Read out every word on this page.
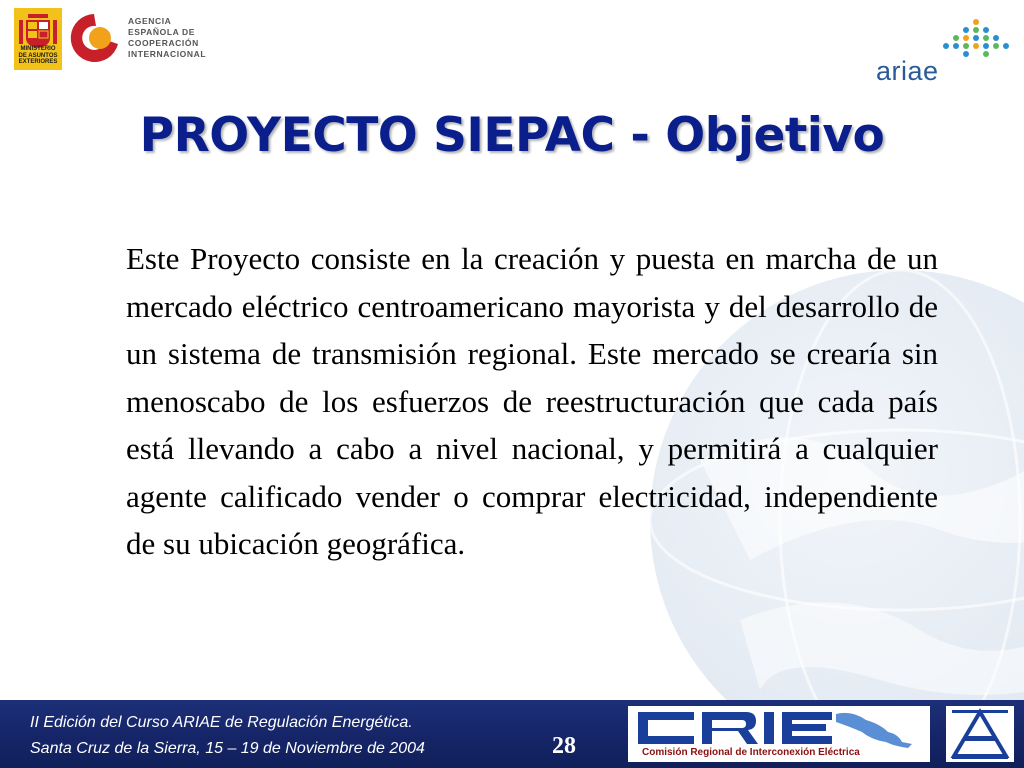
MINISTERIO
DE ASUNTOS
EXTERIORES
AGENCIA
ESPAÑOLA DE
COOPERACIÓN
INTERNACIONAL
ariae
PROYECTO SIEPAC - Objetivo

Este Proyecto consiste en la creación y puesta en marcha de un mercado eléctrico centroamericano mayorista y del desarrollo de un sistema de transmisión regional. Este mercado se crearía sin menoscabo de los esfuerzos de reestructuración que cada país está llevando a cabo a nivel nacional, y permitirá a cualquier agente calificado vender o comprar electricidad, independiente de su ubicación geográfica.

II Edición del Curso ARIAE de Regulación Energética.
Santa Cruz de la Sierra, 15 – 19 de Noviembre de 2004	28	Comisión Regional de Interconexión Eléctrica
